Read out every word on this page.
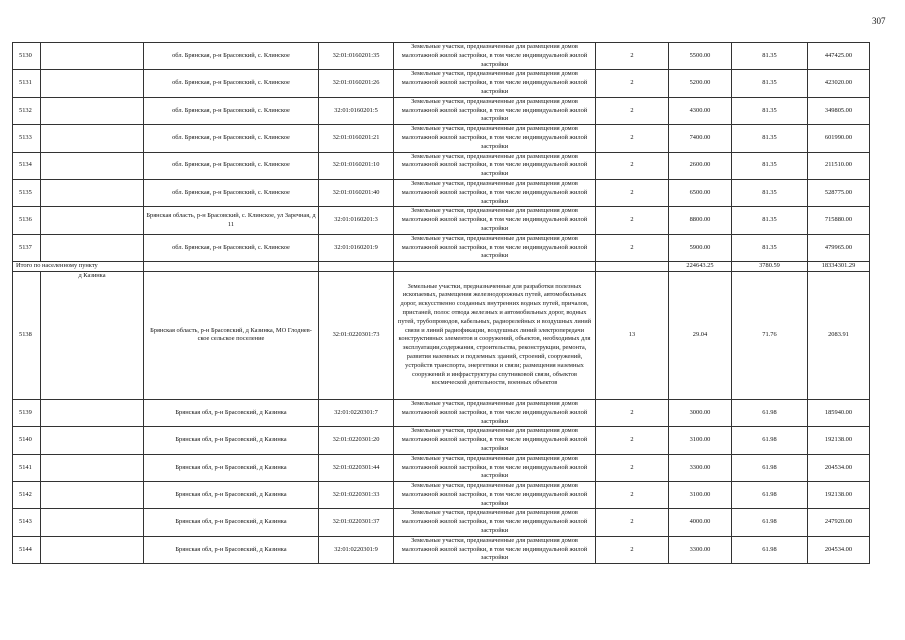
307
5130		обл. Брянская, р-н Брасовский, с. Клинское	32:01:0160201:35	Земельные участки, предназначенные для размещения домов малоэтажной жилой застройки, в том числе индивидуальной жилой застройки	2	5500.00	81.35	447425.00
5131		обл. Брянская, р-н Брасовский, с. Клинское	32:01:0160201:26	Земельные участки, предназначенные для размещения домов малоэтажной жилой застройки, в том числе индивидуальной жилой застройки	2	5200.00	81.35	423020.00
5132		обл. Брянская, р-н Брасовский, с. Клинское	32:01:0160201:5	Земельные участки, предназначенные для размещения домов малоэтажной жилой застройки, в том числе индивидуальной жилой застройки	2	4300.00	81.35	349805.00
5133		обл. Брянская, р-н Брасовский, с. Клинское	32:01:0160201:21	Земельные участки, предназначенные для размещения домов малоэтажной жилой застройки, в том числе индивидуальной жилой застройки	2	7400.00	81.35	601990.00
5134		обл. Брянская, р-н Брасовский, с. Клинское	32:01:0160201:10	Земельные участки, предназначенные для размещения домов малоэтажной жилой застройки, в том числе индивидуальной жилой застройки	2	2600.00	81.35	211510.00
5135		обл. Брянская, р-н Брасовский, с. Клинское	32:01:0160201:40	Земельные участки, предназначенные для размещения домов малоэтажной жилой застройки, в том числе индивидуальной жилой застройки	2	6500.00	81.35	528775.00
5136		Брянская область, р-н Брасовский, с. Клинское, ул Заречная, д 11	32:01:0160201:3	Земельные участки, предназначенные для размещения домов малоэтажной жилой застройки, в том числе индивидуальной жилой застройки	2	8800.00	81.35	715880.00
5137		обл. Брянская, р-н Брасовский, с. Клинское	32:01:0160201:9	Земельные участки, предназначенные для размещения домов малоэтажной жилой застройки, в том числе индивидуальной жилой застройки	2	5900.00	81.35	479965.00
Итого по населенному пункту						224643.25	3780.59	18334301.29
5138	д Казинка	Брянская область, р-н Брасовский, д Казинка, МО Глодневское сельское поселение	32:01:0220301:73	Земельные участки, предназначенные для разработки полезных ископаемых, размещения железнодорожных путей, автомобильных дорог, искусственно созданных внутренних водных путей, причалов, пристаней, полос отвода железных и автомобильных дорог, водных путей, трубопроводов, кабельных, радиорелейных и воздушных линий связи и линий радиофикации, воздушных линий электропередачи конструктивных элементов и сооружений, объектов, необходимых для эксплуатации,содержания, строительства, реконструкции, ремонта, развития наземных и подземных зданий, строений, сооружений, устройств транспорта, энергетики и связи; размещения наземных сооружений и инфраструктуры спутниковой связи, объектов космической деятельности, военных объектов	13	29.04	71.76	2083.91
5139		Брянская обл, р-н Брасовский, д Казинка	32:01:0220301:7	Земельные участки, предназначенные для размещения домов малоэтажной жилой застройки, в том числе индивидуальной жилой застройки	2	3000.00	61.98	185940.00
5140		Брянская обл, р-н Брасовский, д Казинка	32:01:0220301:20	Земельные участки, предназначенные для размещения домов малоэтажной жилой застройки, в том числе индивидуальной жилой застройки	2	3100.00	61.98	192138.00
5141		Брянская обл, р-н Брасовский, д Казинка	32:01:0220301:44	Земельные участки, предназначенные для размещения домов малоэтажной жилой застройки, в том числе индивидуальной жилой застройки	2	3300.00	61.98	204534.00
5142		Брянская обл, р-н Брасовский, д Казинка	32:01:0220301:33	Земельные участки, предназначенные для размещения домов малоэтажной жилой застройки, в том числе индивидуальной жилой застройки	2	3100.00	61.98	192138.00
5143		Брянская обл, р-н Брасовский, д Казинка	32:01:0220301:37	Земельные участки, предназначенные для размещения домов малоэтажной жилой застройки, в том числе индивидуальной жилой застройки	2	4000.00	61.98	247920.00
5144		Брянская обл, р-н Брасовский, д Казинка	32:01:0220301:9	Земельные участки, предназначенные для размещения домов малоэтажной жилой застройки, в том числе индивидуальной жилой застройки	2	3300.00	61.98	204534.00
